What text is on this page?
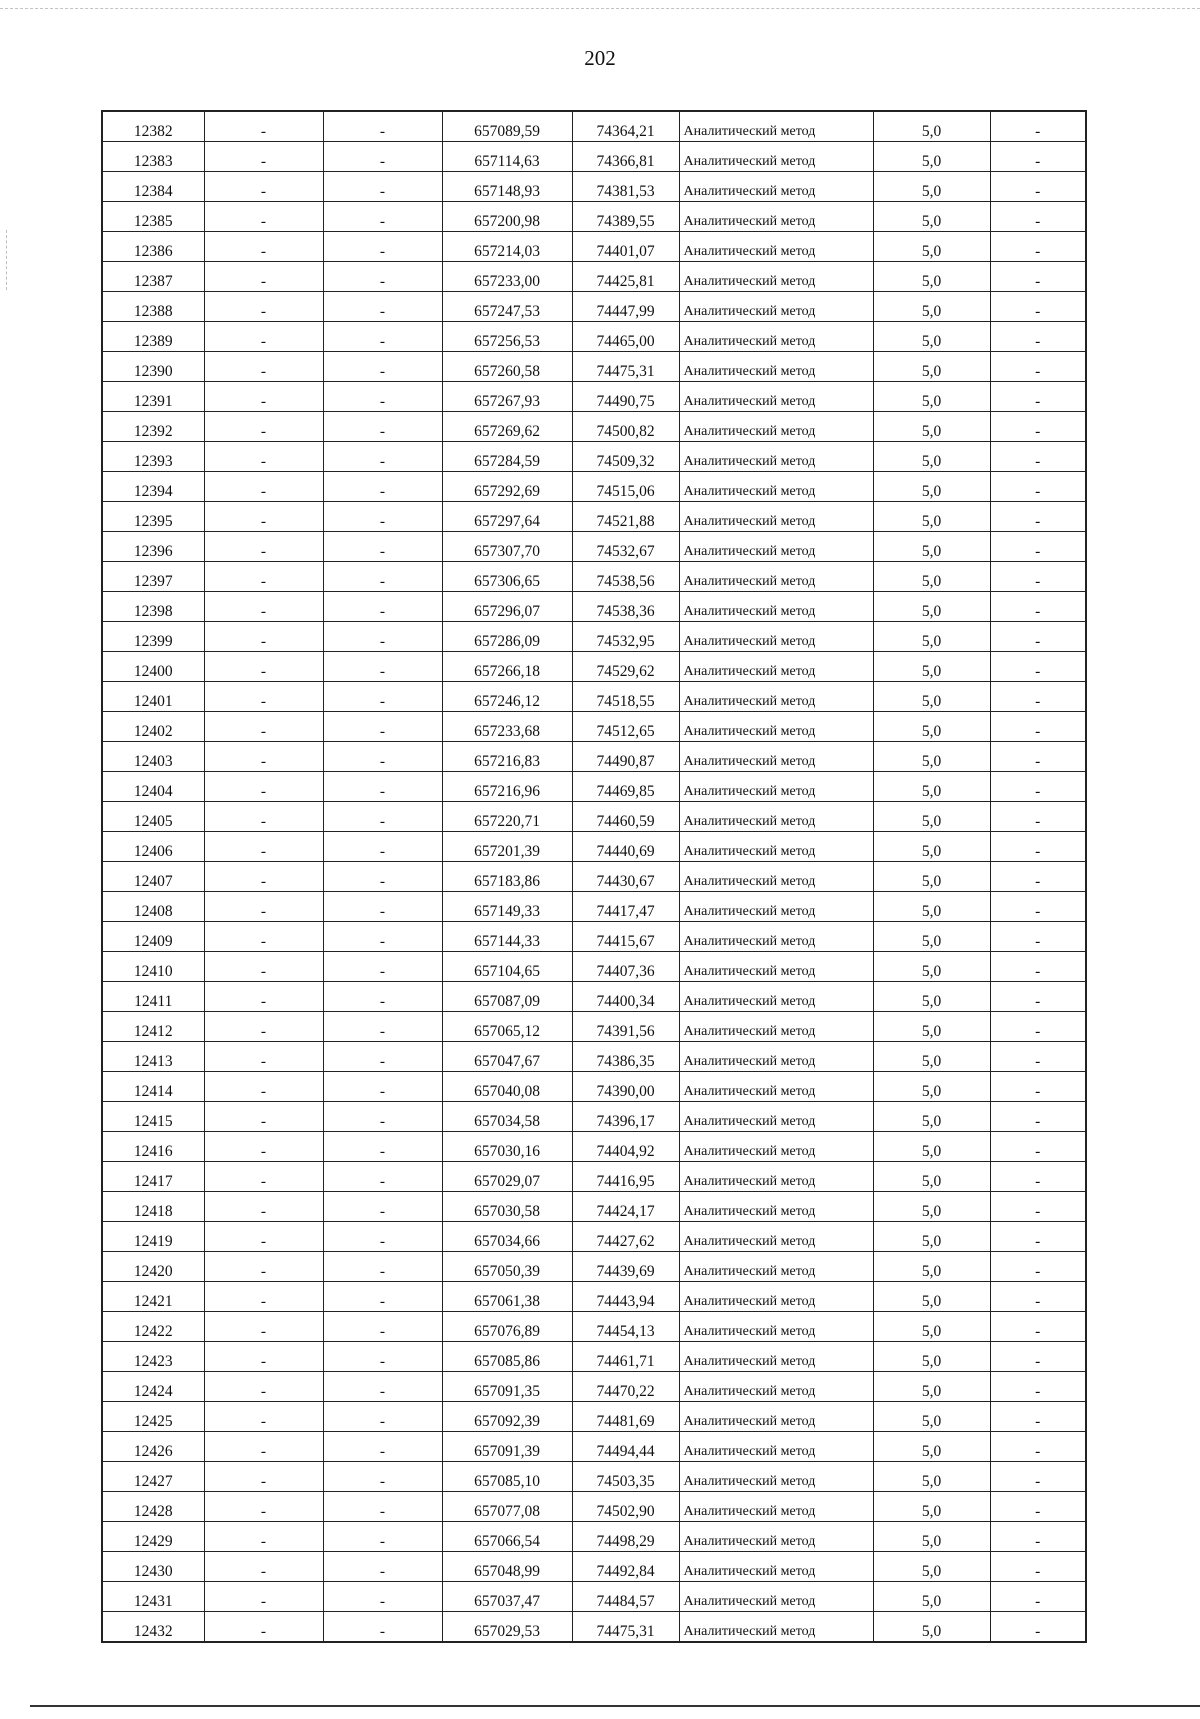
202
12382	-	-	657089,59	74364,21	Аналитический метод	5,0	-
12383	-	-	657114,63	74366,81	Аналитический метод	5,0	-
12384	-	-	657148,93	74381,53	Аналитический метод	5,0	-
12385	-	-	657200,98	74389,55	Аналитический метод	5,0	-
12386	-	-	657214,03	74401,07	Аналитический метод	5,0	-
12387	-	-	657233,00	74425,81	Аналитический метод	5,0	-
12388	-	-	657247,53	74447,99	Аналитический метод	5,0	-
12389	-	-	657256,53	74465,00	Аналитический метод	5,0	-
12390	-	-	657260,58	74475,31	Аналитический метод	5,0	-
12391	-	-	657267,93	74490,75	Аналитический метод	5,0	-
12392	-	-	657269,62	74500,82	Аналитический метод	5,0	-
12393	-	-	657284,59	74509,32	Аналитический метод	5,0	-
12394	-	-	657292,69	74515,06	Аналитический метод	5,0	-
12395	-	-	657297,64	74521,88	Аналитический метод	5,0	-
12396	-	-	657307,70	74532,67	Аналитический метод	5,0	-
12397	-	-	657306,65	74538,56	Аналитический метод	5,0	-
12398	-	-	657296,07	74538,36	Аналитический метод	5,0	-
12399	-	-	657286,09	74532,95	Аналитический метод	5,0	-
12400	-	-	657266,18	74529,62	Аналитический метод	5,0	-
12401	-	-	657246,12	74518,55	Аналитический метод	5,0	-
12402	-	-	657233,68	74512,65	Аналитический метод	5,0	-
12403	-	-	657216,83	74490,87	Аналитический метод	5,0	-
12404	-	-	657216,96	74469,85	Аналитический метод	5,0	-
12405	-	-	657220,71	74460,59	Аналитический метод	5,0	-
12406	-	-	657201,39	74440,69	Аналитический метод	5,0	-
12407	-	-	657183,86	74430,67	Аналитический метод	5,0	-
12408	-	-	657149,33	74417,47	Аналитический метод	5,0	-
12409	-	-	657144,33	74415,67	Аналитический метод	5,0	-
12410	-	-	657104,65	74407,36	Аналитический метод	5,0	-
12411	-	-	657087,09	74400,34	Аналитический метод	5,0	-
12412	-	-	657065,12	74391,56	Аналитический метод	5,0	-
12413	-	-	657047,67	74386,35	Аналитический метод	5,0	-
12414	-	-	657040,08	74390,00	Аналитический метод	5,0	-
12415	-	-	657034,58	74396,17	Аналитический метод	5,0	-
12416	-	-	657030,16	74404,92	Аналитический метод	5,0	-
12417	-	-	657029,07	74416,95	Аналитический метод	5,0	-
12418	-	-	657030,58	74424,17	Аналитический метод	5,0	-
12419	-	-	657034,66	74427,62	Аналитический метод	5,0	-
12420	-	-	657050,39	74439,69	Аналитический метод	5,0	-
12421	-	-	657061,38	74443,94	Аналитический метод	5,0	-
12422	-	-	657076,89	74454,13	Аналитический метод	5,0	-
12423	-	-	657085,86	74461,71	Аналитический метод	5,0	-
12424	-	-	657091,35	74470,22	Аналитический метод	5,0	-
12425	-	-	657092,39	74481,69	Аналитический метод	5,0	-
12426	-	-	657091,39	74494,44	Аналитический метод	5,0	-
12427	-	-	657085,10	74503,35	Аналитический метод	5,0	-
12428	-	-	657077,08	74502,90	Аналитический метод	5,0	-
12429	-	-	657066,54	74498,29	Аналитический метод	5,0	-
12430	-	-	657048,99	74492,84	Аналитический метод	5,0	-
12431	-	-	657037,47	74484,57	Аналитический метод	5,0	-
12432	-	-	657029,53	74475,31	Аналитический метод	5,0	-
